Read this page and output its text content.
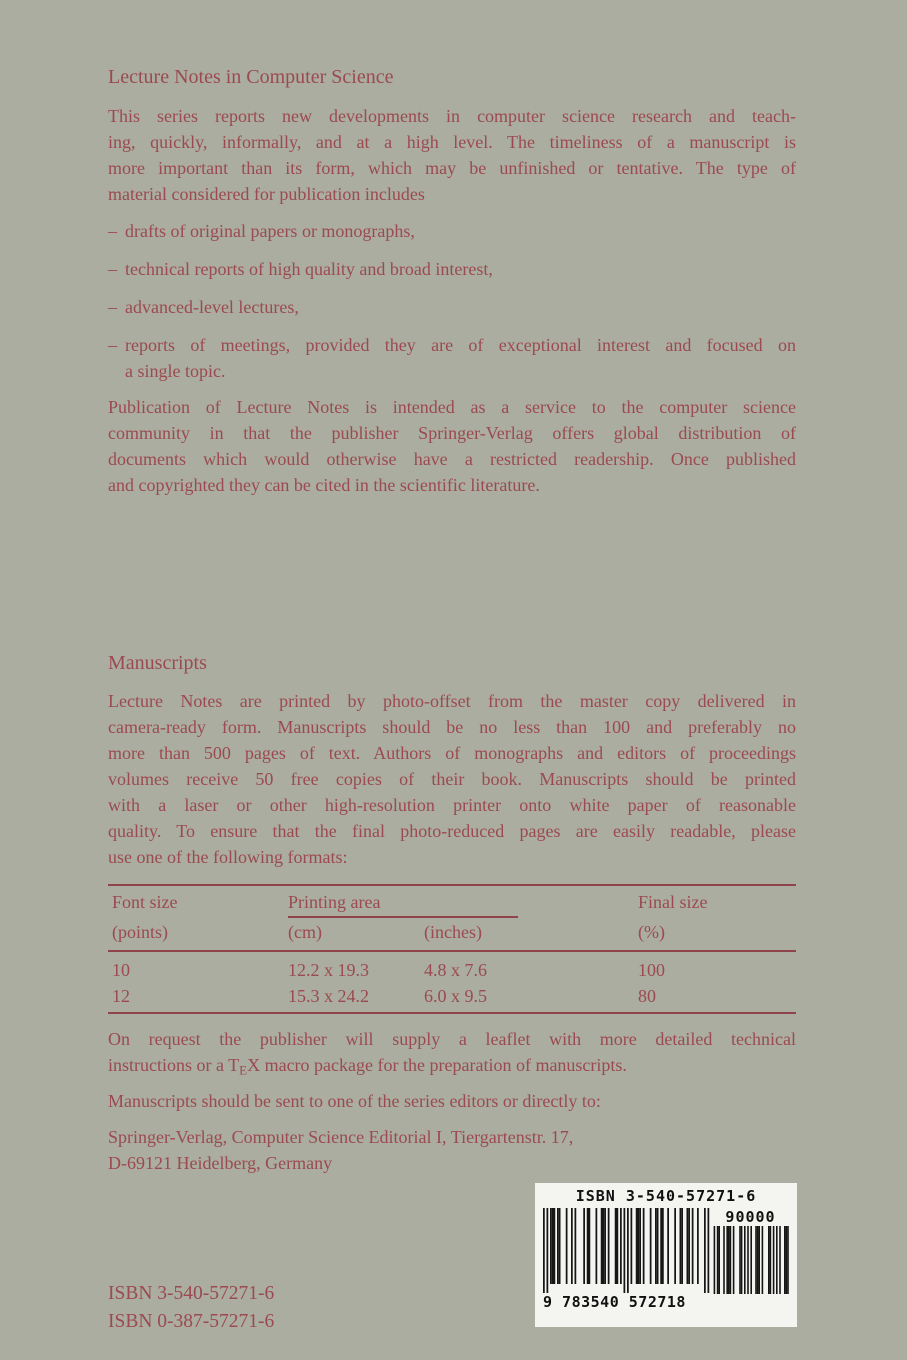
Lecture Notes in Computer Science
This series reports new developments in computer science research and teach-
ing, quickly, informally, and at a high level. The timeliness of a manuscript is
more important than its form, which may be unfinished or tentative. The type of
material considered for publication includes
– drafts of original papers or monographs,
– technical reports of high quality and broad interest,
– advanced-level lectures,
– reports of meetings, provided they are of exceptional interest and focused on
a single topic.
Publication of Lecture Notes is intended as a service to the computer science
community in that the publisher Springer-Verlag offers global distribution of
documents which would otherwise have a restricted readership. Once published
and copyrighted they can be cited in the scientific literature.
Manuscripts
Lecture Notes are printed by photo-offset from the master copy delivered in
camera-ready form. Manuscripts should be no less than 100 and preferably no
more than 500 pages of text. Authors of monographs and editors of proceedings
volumes receive 50 free copies of their book. Manuscripts should be printed
with a laser or other high-resolution printer onto white paper of reasonable
quality. To ensure that the final photo-reduced pages are easily readable, please
use one of the following formats:
Font size	Printing area	Final size
(points)	(cm)	(inches)	(%)
10	12.2 x 19.3	4.8 x 7.6	100
12	15.3 x 24.2	6.0 x 9.5	80
On request the publisher will supply a leaflet with more detailed technical
instructions or a $T_EX$ macro package for the preparation of manuscripts.
Manuscripts should be sent to one of the series editors or directly to:
Springer-Verlag, Computer Science Editorial I, Tiergartenstr. 17,
D-69121 Heidelberg, Germany
ISBN 3-540-57271-6
9 783540 572718
90000
ISBN 3-540-57271-6
ISBN 0-387-57271-6
